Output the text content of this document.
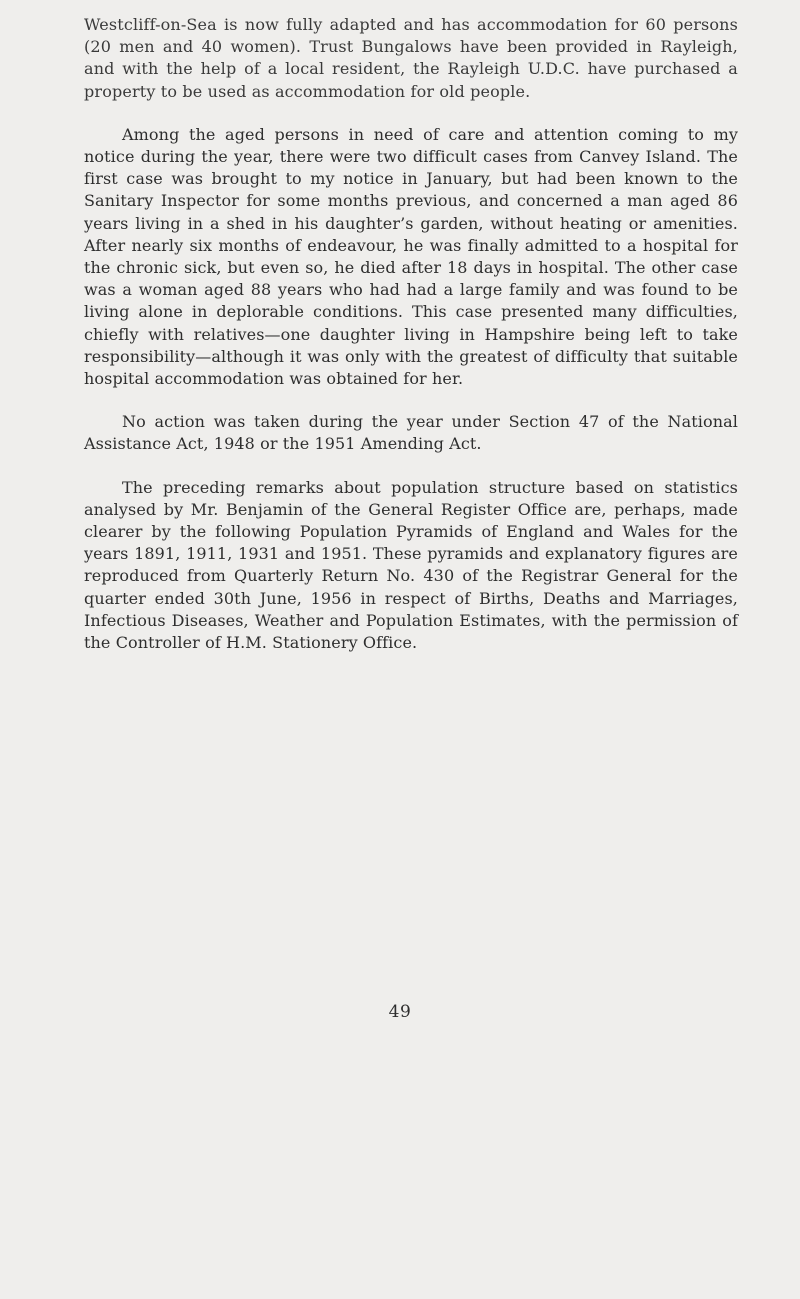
Westcliff-on-Sea is now fully adapted and has accommodation for 60 persons (20 men and 40 women). Trust Bungalows have been provided in Rayleigh, and with the help of a local resident, the Rayleigh U.D.C. have purchased a property to be used as accommodation for old people.

Among the aged persons in need of care and attention coming to my notice during the year, there were two difficult cases from Canvey Island. The first case was brought to my notice in January, but had been known to the Sanitary Inspector for some months previous, and concerned a man aged 86 years living in a shed in his daughter’s garden, without heating or amenities. After nearly six months of endeavour, he was finally admitted to a hospital for the chronic sick, but even so, he died after 18 days in hospital. The other case was a woman aged 88 years who had had a large family and was found to be living alone in deplorable conditions. This case presented many difficulties, chiefly with relatives—one daughter living in Hampshire being left to take responsibility—although it was only with the greatest of difficulty that suitable hospital accommodation was obtained for her.

No action was taken during the year under Section 47 of the National Assistance Act, 1948 or the 1951 Amending Act.

The preceding remarks about population structure based on statistics analysed by Mr. Benjamin of the General Register Office are, perhaps, made clearer by the following Population Pyramids of England and Wales for the years 1891, 1911, 1931 and 1951. These pyramids and explanatory figures are reproduced from Quarterly Return No. 430 of the Registrar General for the quarter ended 30th June, 1956 in respect of Births, Deaths and Marriages, Infectious Diseases, Weather and Population Estimates, with the permission of the Controller of H.M. Stationery Office.

49
